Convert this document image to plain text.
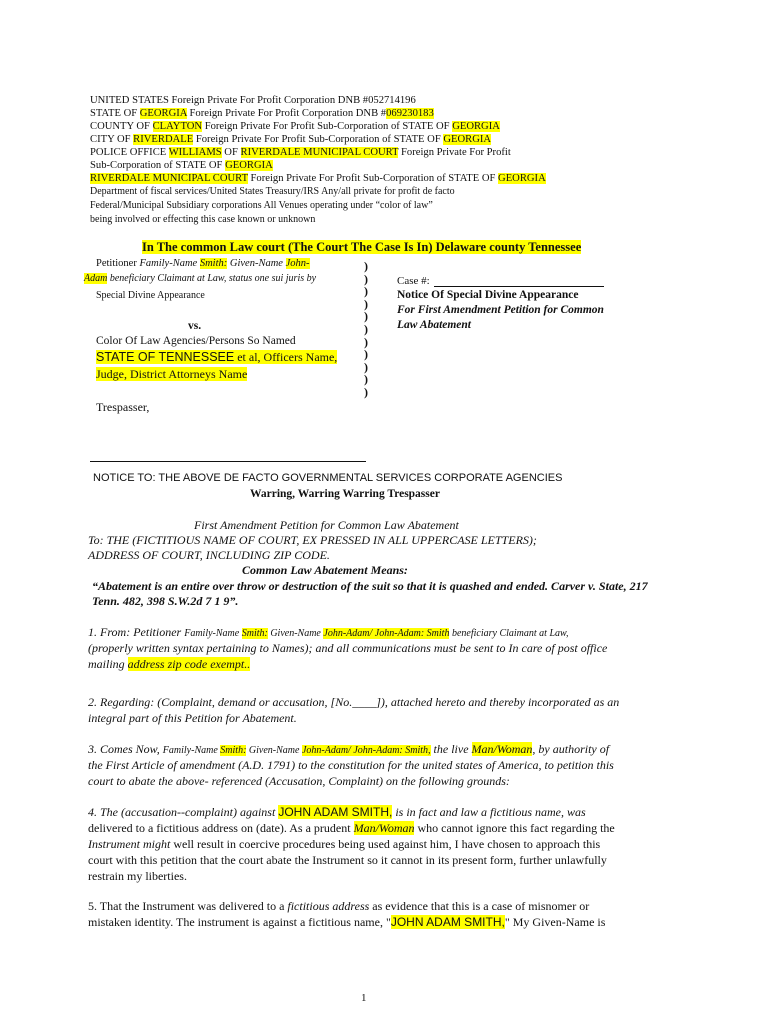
UNITED STATES Foreign Private For Profit Corporation DNB #052714196
STATE OF GEORGIA Foreign Private For Profit Corporation DNB #069230183
COUNTY OF CLAYTON Foreign Private For Profit Sub-Corporation of STATE OF GEORGIA
CITY OF RIVERDALE Foreign Private For Profit Sub-Corporation of STATE OF GEORGIA
POLICE OFFICE WILLIAMS OF RIVERDALE MUNICIPAL COURT Foreign Private For Profit
Sub-Corporation of STATE OF GEORGIA
RIVERDALE MUNICIPAL COURT Foreign Private For Profit Sub-Corporation of STATE OF GEORGIA
Department of fiscal services/United States Treasury/IRS Any/all private for profit de facto
Federal/Municipal Subsidiary corporations All Venues operating under “color of law”
being involved or effecting this case known or unknown
In The common Law court (The Court The Case Is In) Delaware county Tennessee
Petitioner Family-Name Smith: Given-Name John-
Adam beneficiary Claimant at Law, status one sui juris by
Special Divine Appearance
vs.
Color Of Law Agencies/Persons So Named
STATE OF TENNESSEE et al, Officers Name,
Judge, District Attorneys Name
Trespasser,
)
)
)
)
)
)
)
)
)
)
)
Case #:
Notice Of Special Divine Appearance
For First Amendment Petition for Common
Law Abatement
NOTICE TO: THE ABOVE DE FACTO GOVERNMENTAL SERVICES CORPORATE AGENCIES
Warring, Warring Warring Trespasser
First Amendment Petition for Common Law Abatement
To: THE (FICTITIOUS NAME OF COURT, EX PRESSED IN ALL UPPERCASE LETTERS);
ADDRESS OF COURT, INCLUDING ZIP CODE.
Common Law Abatement Means:
“Abatement is an entire over throw or destruction of the suit so that it is quashed and ended. Carver v. State, 217
Tenn. 482, 398 S.W.2d 7 1 9”.
1. From: Petitioner Family-Name Smith: Given-Name John-Adam/ John-Adam: Smith beneficiary Claimant at Law,
(properly written syntax pertaining to Names); and all communications must be sent to In care of post office
mailing address zip code exempt..
2. Regarding: (Complaint, demand or accusation, [No.____]), attached hereto and thereby incorporated as an
integral part of this Petition for Abatement.
3. Comes Now, Family-Name Smith: Given-Name John-Adam/ John-Adam: Smith, the live Man/Woman, by authority of
the First Article of amendment (A.D. 1791) to the constitution for the united states of America, to petition this
court to abate the above- referenced (Accusation, Complaint) on the following grounds:
4. The (accusation--complaint) against JOHN ADAM SMITH, is in fact and law a fictitious name, was
delivered to a fictitious address on (date). As a prudent Man/Woman who cannot ignore this fact regarding the
Instrument might well result in coercive procedures being used against him, I have chosen to approach this
court with this petition that the court abate the Instrument so it cannot in its present form, further unlawfully
restrain my liberties.
5. That the Instrument was delivered to a fictitious address as evidence that this is a case of misnomer or
mistaken identity. The instrument is against a fictitious name, "JOHN ADAM SMITH," My Given-Name is
1
